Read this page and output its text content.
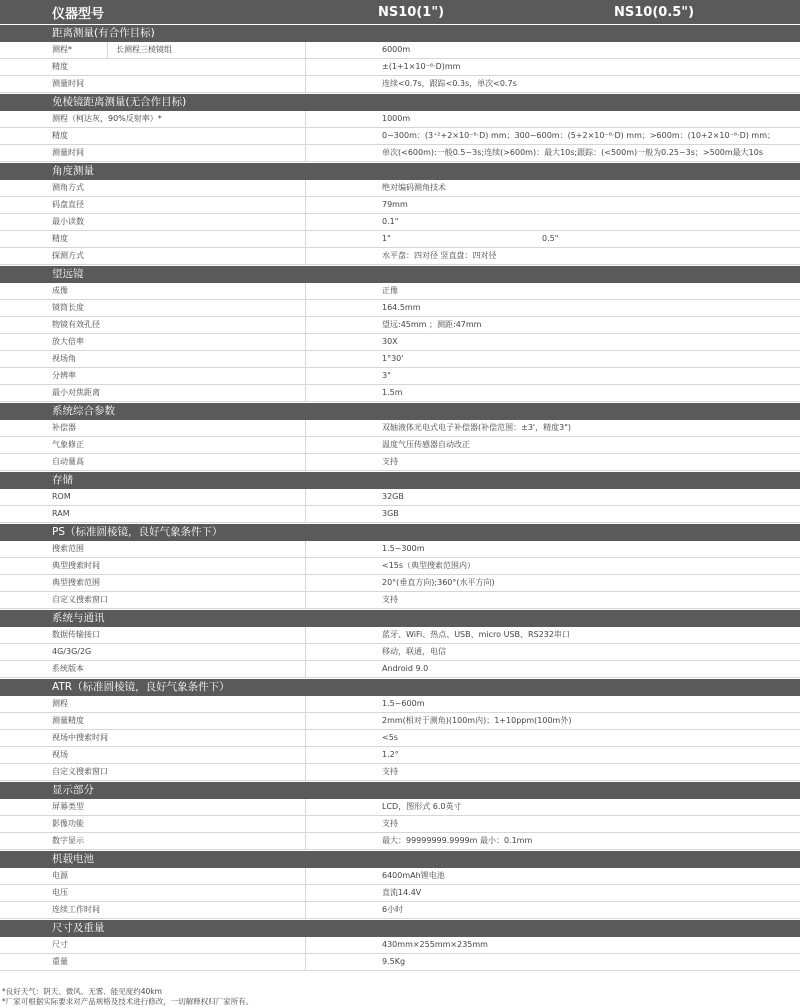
仪器型号	NS10(1")	NS10(0.5")
距离测量(有合作目标)
测程*	长测程三棱镜组	6000m
精度	±(1+1×10⁻⁶·D)mm
测量时间	连续<0.7s，跟踪<0.3s，单次<0.7s
免棱镜距离测量(无合作目标)
测程（柯达灰，90%反射率）*	1000m
精度	0~300m：(3⁺²+2×10⁻⁶·D) mm；300~600m：(5+2×10⁻⁶·D) mm；>600m：(10+2×10⁻⁶·D) mm；
测量时间	单次(<600m):一般0.5~3s;连续(>600m)：最大10s;跟踪：(<500m)一般为0.25~3s；>500m最大10s
角度测量
测角方式	绝对编码测角技术
码盘直径	79mm
最小读数	0.1"
精度	1"	0.5"
探测方式	水平盘：四对径 竖直盘：四对径
望远镜
成像	正像
镜筒长度	164.5mm
物镜有效孔径	望远:45mm ；测距:47mm
放大倍率	30X
视场角	1°30'
分辨率	3"
最小对焦距离	1.5m
系统综合参数
补偿器	双轴液体光电式电子补偿器(补偿范围：±3'，精度3")
气象修正	温度气压传感器自动改正
自动量高	支持
存储
ROM	32GB
RAM	3GB
PS（标准圆棱镜，良好气象条件下）
搜索范围	1.5~300m
典型搜索时间	<15s（典型搜索范围内）
典型搜索范围	20°(垂直方向);360°(水平方向)
自定义搜索窗口	支持
系统与通讯
数据传输接口	蓝牙、WiFi、热点、USB、micro USB、RS232串口
4G/3G/2G	移动，联通，电信
系统版本	Android 9.0
ATR（标准圆棱镜，良好气象条件下）
测程	1.5~600m
测量精度	2mm(相对于测角)(100m内)；1+10ppm(100m外)
视场中搜索时间	<5s
视场	1.2°
自定义搜索窗口	支持
显示部分
屏幕类型	LCD，图形式 6.0英寸
影像功能	支持
数字显示	最大：99999999.9999m 最小：0.1mm
机载电池
电源	6400mAh锂电池
电压	直流14.4V
连续工作时间	6小时
尺寸及重量
尺寸	430mm×255mm×235mm
重量	9.5Kg
*良好天气：阴天、微风、无雾、能见度约40km
*厂家可根据实际要求对产品规格及技术进行修改，一切解释权归厂家所有。
